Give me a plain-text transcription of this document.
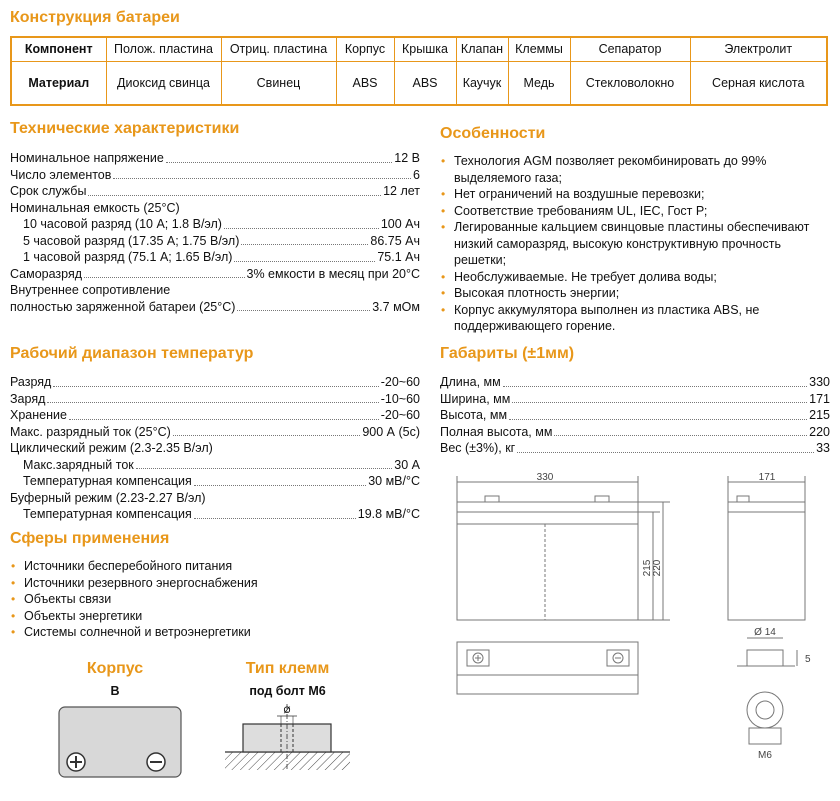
Конструкция батареи
Компонент	Полож. пластина	Отриц. пластина	Корпус	Крышка	Клапан	Клеммы	Сепаратор	Электролит
Материал	Диоксид свинца	Свинец	ABS	ABS	Каучук	Медь	Стекловолокно	Серная кислота
Технические характеристики
Номинальное напряжение	12 В
Число элементов	6
Срок службы	12 лет
Номинальная емкость (25°C)
10 часовой разряд (10 А; 1.8 В/эл)	100 Ач
5 часовой разряд (17.35 А; 1.75 В/эл)	86.75 Ач
1 часовой разряд (75.1 А; 1.65 В/эл)	75.1 Ач
Саморазряд	3% емкости в месяц при 20°C
Внутреннее сопротивление
полностью заряженной батареи (25°C)	3.7 мОм
Рабочий диапазон температур
Разряд	-20~60
Заряд	-10~60
Хранение	-20~60
Макс. разрядный ток (25°C)	900 А (5с)
Циклический режим (2.3-2.35 В/эл)
Макс.зарядный ток	30 А
Температурная компенсация	30 мВ/°C
Буферный режим (2.23-2.27 В/эл)
Температурная компенсация	19.8 мВ/°C
Сферы применения
• Источники бесперебойного питания
• Источники резервного энергоснабжения
• Объекты связи
• Объекты энергетики
• Системы солнечной и ветроэнергетики
Особенности
• Технология AGM позволяет рекомбинировать до 99% выделяемого газа;
• Нет ограничений на воздушные перевозки;
• Соответствие требованиям UL, IEC, Гост Р;
• Легированные кальцием свинцовые пластины обеспечивают низкий саморазряд, высокую конструктивную прочность решетки;
• Необслуживаемые. Не требует долива воды;
• Высокая плотность энергии;
• Корпус аккумулятора выполнен из пластика ABS, не поддерживающего горение.
Габариты (±1мм)
Длина, мм	330
Ширина, мм	171
Высота, мм	215
Полная высота, мм	220
Вес (±3%), кг	33
Корпус
B
Тип клемм
под болт М6
Ø
330
215 220
171
Ø 14
5
M6
